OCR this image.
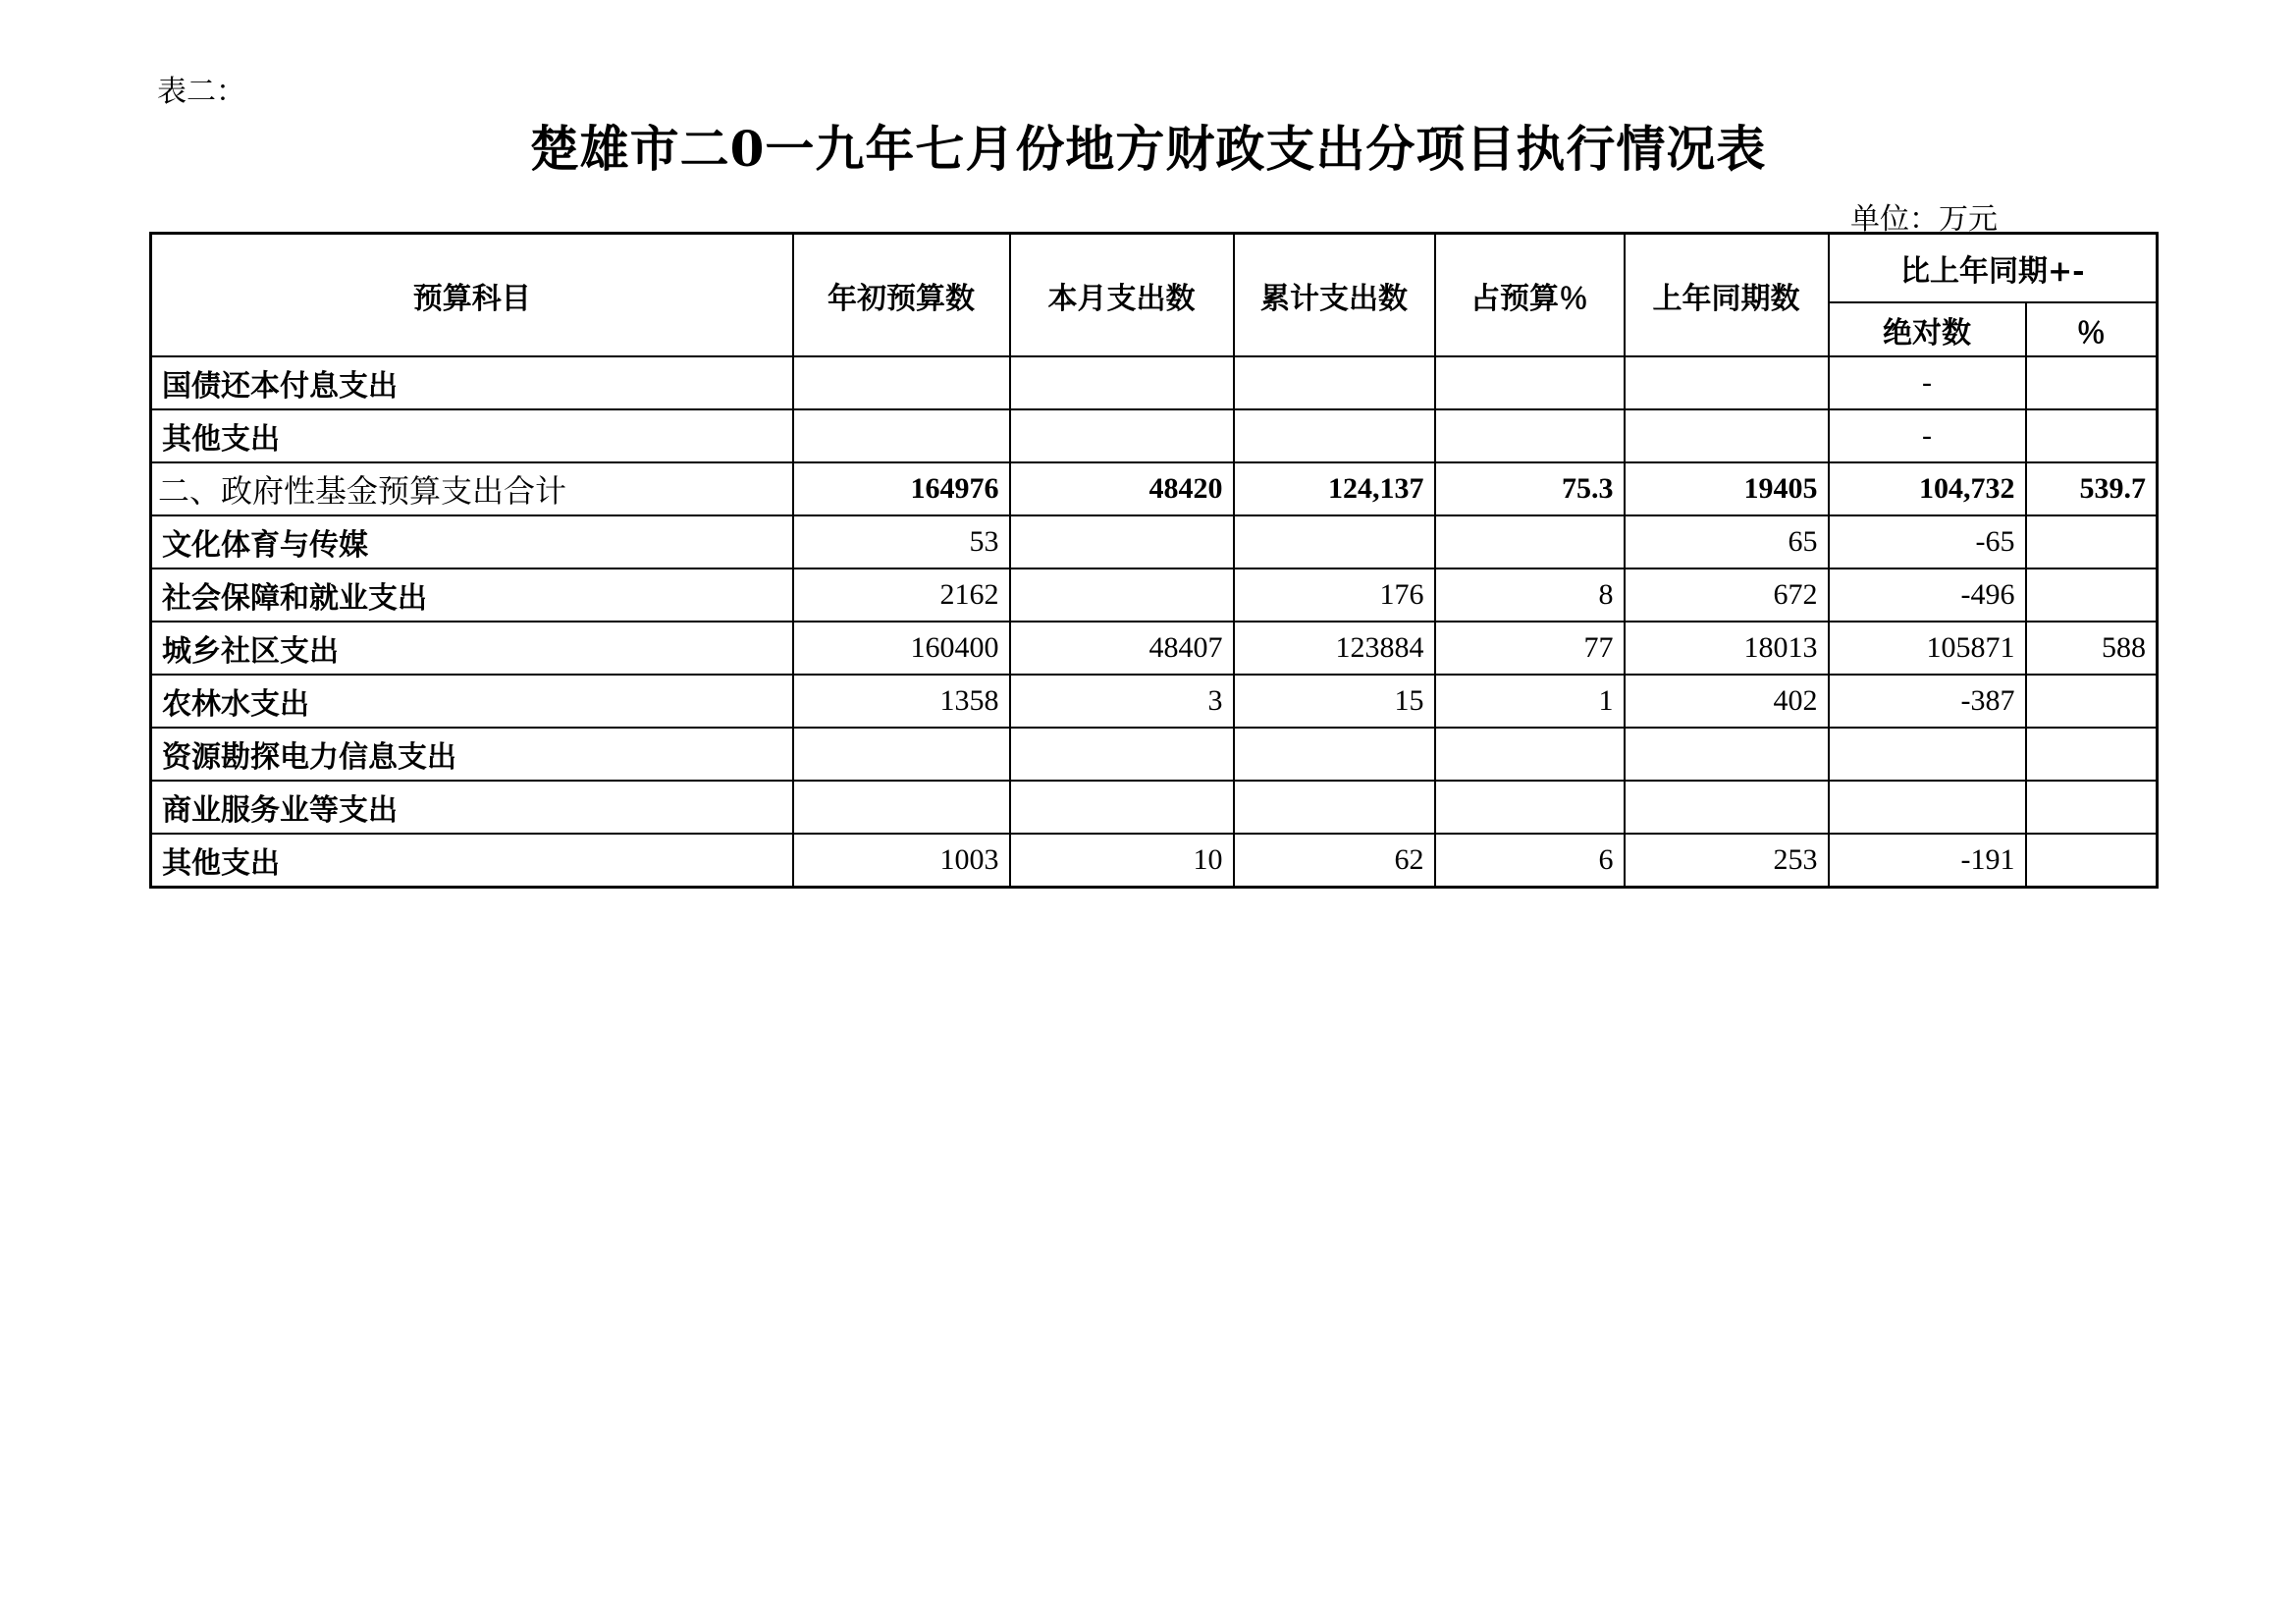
表二：
楚雄市二0一九年七月份地方财政支出分项目执行情况表
单位：万元
预算科目	年初预算数	本月支出数	累计支出数	占预算％	上年同期数	比上年同期+-	
						绝对数	％
国债还本付息支出						-	
其他支出						-	
二、政府性基金预算支出合计	164976	48420	124,137	75.3	19405	104,732	539.7
文化体育与传媒	53				65	-65	
社会保障和就业支出	2162		176	8	672	-496	
城乡社区支出	160400	48407	123884	77	18013	105871	588
农林水支出	1358	3	15	1	402	-387	
资源勘探电力信息支出							
商业服务业等支出							
其他支出	1003	10	62	6	253	-191	
